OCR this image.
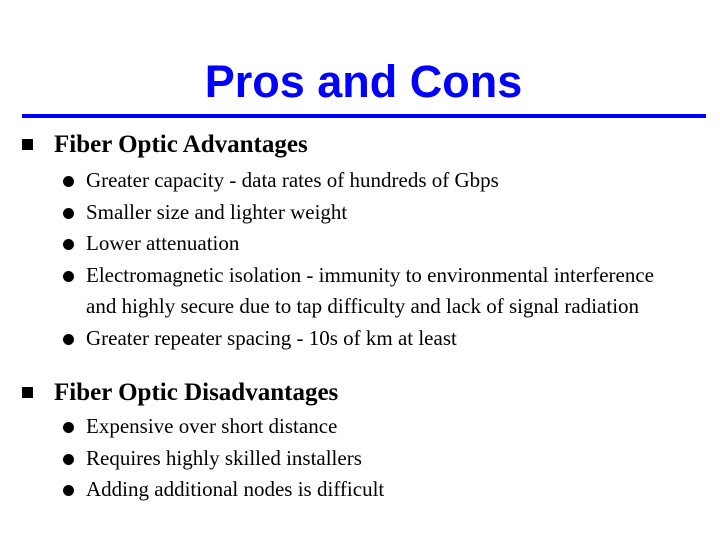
Pros and Cons
Fiber Optic Advantages
Greater capacity - data rates of hundreds of Gbps
Smaller size and lighter weight
Lower attenuation
Electromagnetic isolation - immunity to environmental interference and highly secure due to tap difficulty and lack of signal radiation
Greater repeater spacing - 10s of km at least
Fiber Optic Disadvantages
Expensive over short distance
Requires highly skilled installers
Adding additional nodes is difficult
